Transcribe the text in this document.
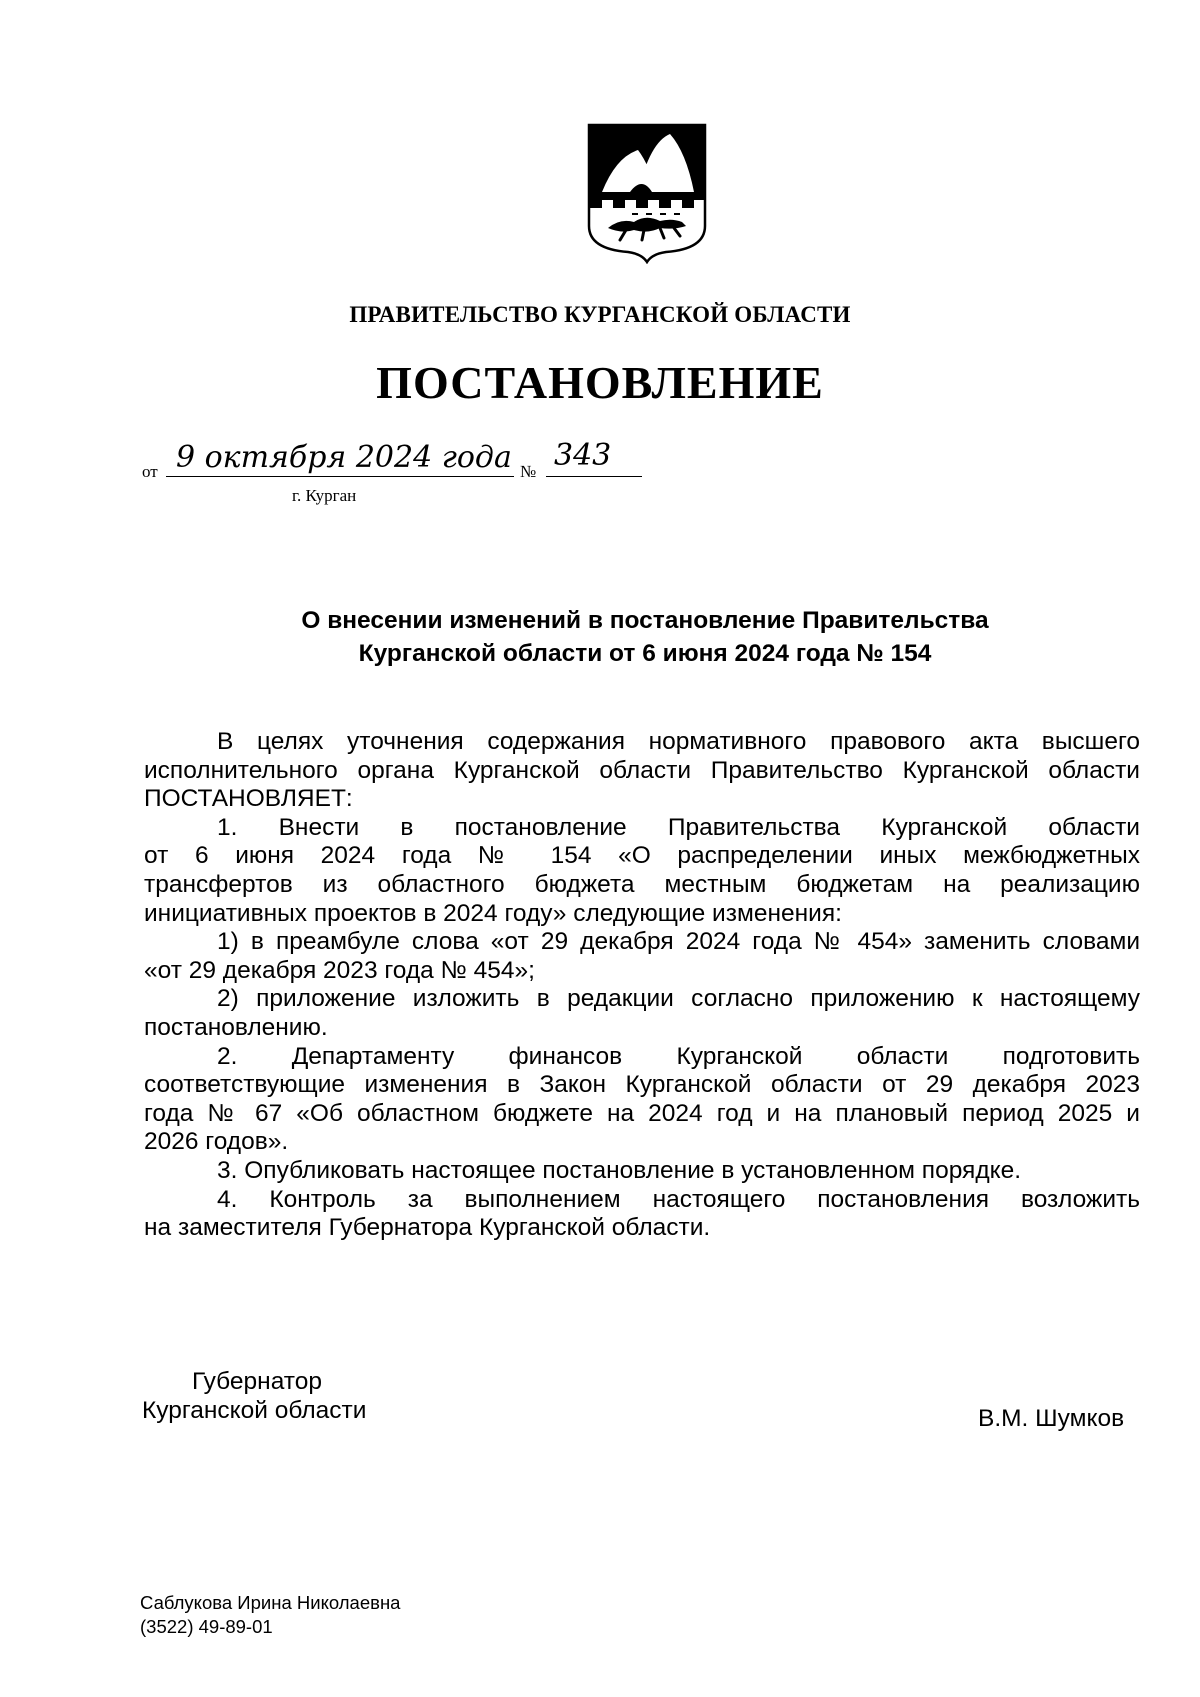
ПРАВИТЕЛЬСТВО КУРГАНСКОЙ ОБЛАСТИ
ПОСТАНОВЛЕНИЕ
от 9 октября 2024 года № 343
г. Курган
О внесении изменений в постановление Правительства
Курганской области от 6 июня 2024 года № 154
В целях уточнения содержания нормативного правового акта высшего
исполнительного органа Курганской области Правительство Курганской области
ПОСТАНОВЛЯЕТ:
1. Внести в постановление Правительства Курганской области
от 6 июня 2024 года № 154 «О распределении иных межбюджетных
трансфертов из областного бюджета местным бюджетам на реализацию
инициативных проектов в 2024 году» следующие изменения:
1) в преамбуле слова «от 29 декабря 2024 года № 454» заменить словами
«от 29 декабря 2023 года № 454»;
2) приложение изложить в редакции согласно приложению к настоящему
постановлению.
2. Департаменту финансов Курганской области подготовить
соответствующие изменения в Закон Курганской области от 29 декабря 2023
года № 67 «Об областном бюджете на 2024 год и на плановый период 2025 и
2026 годов».
3. Опубликовать настоящее постановление в установленном порядке.
4. Контроль за выполнением настоящего постановления возложить
на заместителя Губернатора Курганской области.
Губернатор
Курганской области	В.М. Шумков
Саблукова Ирина Николаевна
(3522) 49-89-01
